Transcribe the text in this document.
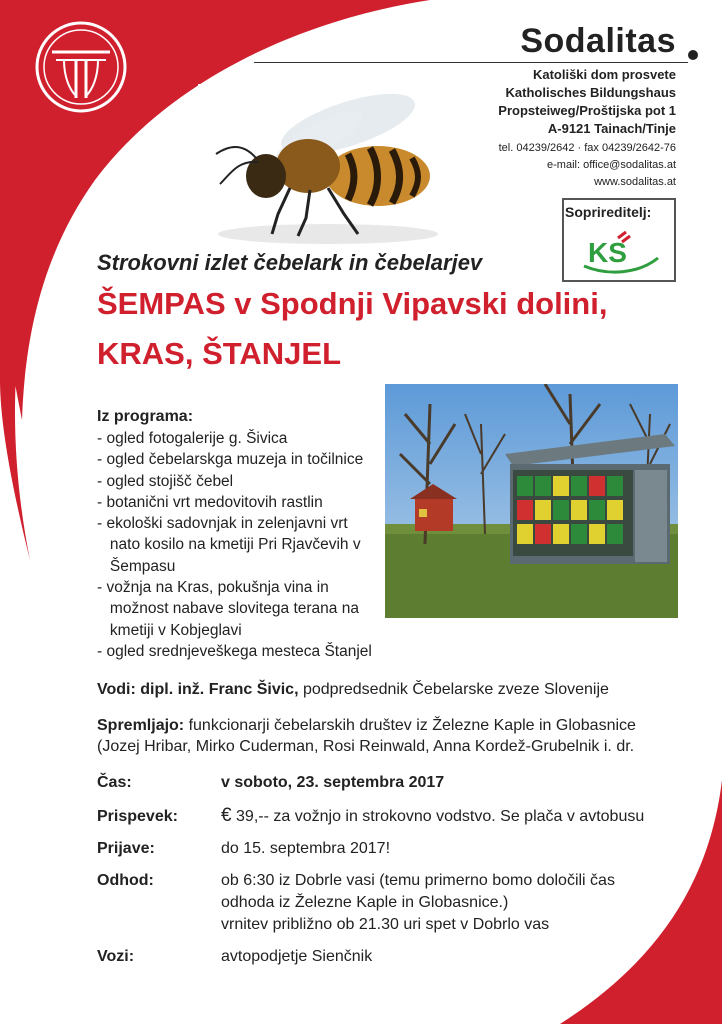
Sodalitas
Katoliški dom prosvete
Katholisches Bildungshaus
Propsteiweg/Proštijska pot 1
A-9121 Tainach/Tinje
tel. 04239/2642 · fax 04239/2642-76
e-mail: office@sodalitas.at
www.sodalitas.at
Soprireditelj:
KS
Strokovni izlet čebelark in čebelarjev
ŠEMPAS v Spodnji Vipavski dolini,
KRAS, ŠTANJEL
Iz programa:
- ogled fotogalerije g. Šivica
- ogled čebelarskga muzeja in točilnice
- ogled stojišč čebel
- botanični vrt medovitovih rastlin
- ekološki sadovnjak in zelenjavni vrt
nato kosilo na kmetiji Pri Rjavčevih v
Šempasu
- vožnja na Kras, pokušnja vina in
možnost nabave slovitega terana na
kmetiji v Kobjeglavi
- ogled srednjeveškega mesteca Štanjel
Vodi: dipl. inž. Franc Šivic, podpredsednik Čebelarske zveze Slovenije
Spremljajo: funkcionarji čebelarskih društev iz Železne Kaple in Globasnice
(Jozej Hribar, Mirko Cuderman, Rosi Reinwald, Anna Kordež-Grubelnik i. dr.
Čas:	v soboto, 23. septembra 2017
Prispevek: € 39,-- za vožnjo in strokovno vodstvo. Se plača v avtobusu
Prijave:	do 15. septembra 2017!
Odhod:	ob 6:30 iz Dobrle vasi (temu primerno bomo določili čas
odhoda iz Železne Kaple in Globasnice.)
vrnitev približno ob 21.30 uri spet v Dobrlo vas
Vozi:	avtopodjetje Sienčnik
